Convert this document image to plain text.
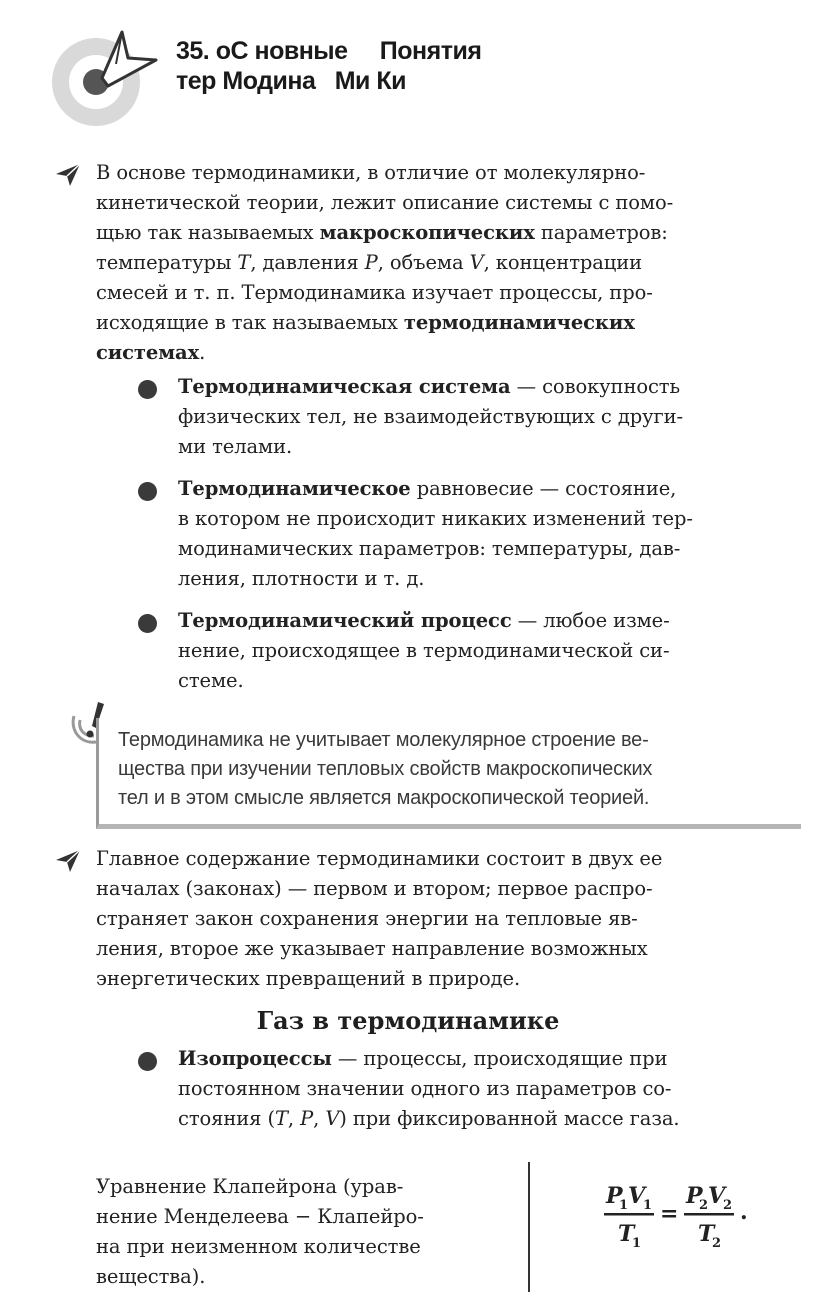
35. оС новные     Понятия
тер Модина   Ми Ки
В основе термодинамики, в отличие от молекулярно-
кинетической теории, лежит описание системы с помо-
щью так называемых макроскопических параметров:
температуры T, давления P, объема V, концентрации
смесей и т. п. Термодинамика изучает процессы, про-
исходящие в так называемых термодинамических
системах.
Термодинамическая система — совокупность
физических тел, не взаимодействующих с други-
ми телами.
Термодинамическое равновесие — состояние,
в котором не происходит никаких изменений тер-
модинамических параметров: температуры, дав-
ления, плотности и т. д.
Термодинамический процесс — любое изме-
нение, происходящее в термодинамической си-
стеме.
Термодинамика не учитывает молекулярное строение ве-
щества при изучении тепловых свойств макроскопических
тел и в этом смысле является макроскопической теорией.
Главное содержание термодинамики состоит в двух ее
началах (законах) — первом и втором; первое распро-
страняет закон сохранения энергии на тепловые яв-
ления, второе же указывает направление возможных
энергетических превращений в природе.
Газ в термодинамике
Изопроцессы — процессы, происходящие при
постоянном значении одного из параметров со-
стояния (T, P, V) при фиксированной массе газа.
Уравнение Клапейрона (урав-
нение Менделеева − Клапейро-
на при неизменном количестве
вещества).
P
1 V
1
T
1
=
P
2 V
2
T
2
.
